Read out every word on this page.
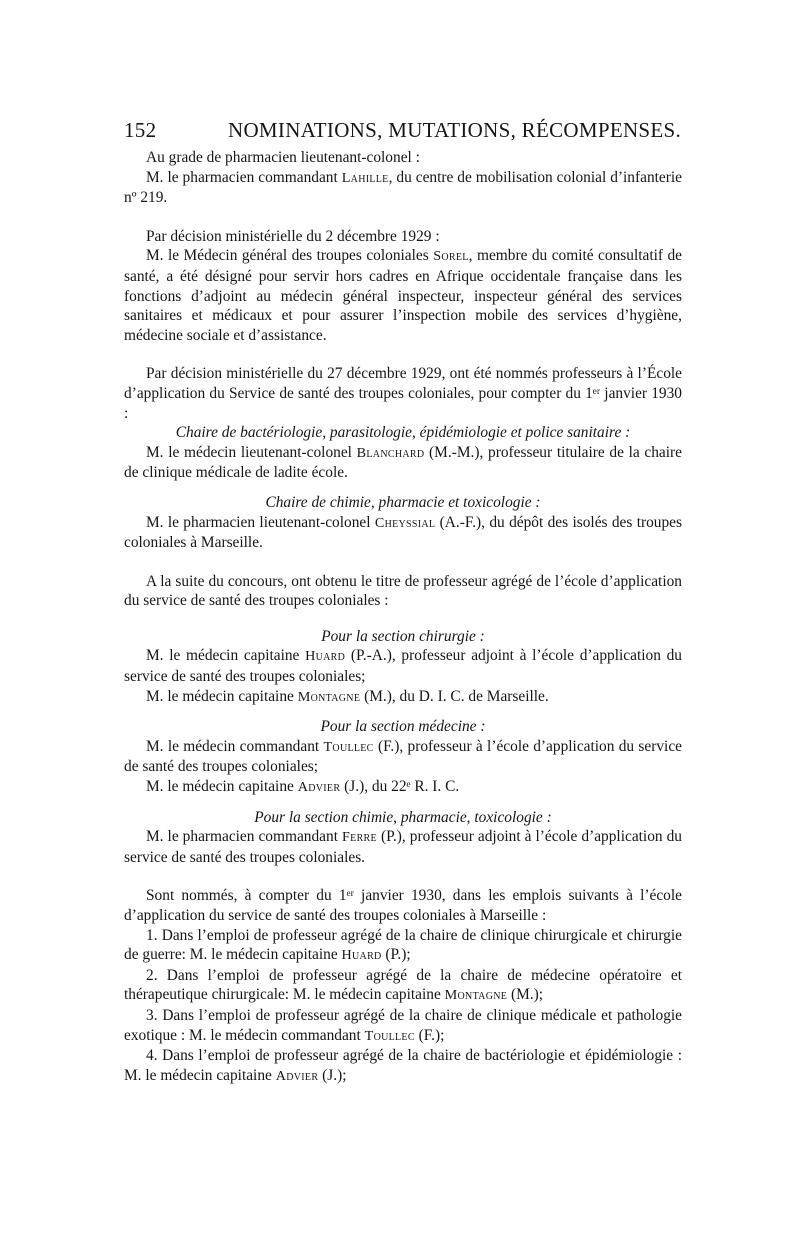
152	NOMINATIONS, MUTATIONS, RÉCOMPENSES.

Au grade de pharmacien lieutenant-colonel :

M. le pharmacien commandant Lahille, du centre de mobilisation colonial d’infanterie nº 219.

Par décision ministérielle du 2 décembre 1929 :

M. le Médecin général des troupes coloniales Sorel, membre du comité consultatif de santé, a été désigné pour servir hors cadres en Afrique occidentale française dans les fonctions d’adjoint au médecin général inspecteur, inspecteur général des services sanitaires et médicaux et pour assurer l’inspection mobile des services d’hygiène, médecine sociale et d’assistance.

Par décision ministérielle du 27 décembre 1929, ont été nommés professeurs à l’École d’application du Service de santé des troupes coloniales, pour compter du 1ᵉʳ janvier 1930 :

Chaire de bactériologie, parasitologie, épidémiologie et police sanitaire :

M. le médecin lieutenant-colonel Blanchard (M.-M.), professeur titulaire de la chaire de clinique médicale de ladite école.

Chaire de chimie, pharmacie et toxicologie :

M. le pharmacien lieutenant-colonel Cheyssial (A.-F.), du dépôt des isolés des troupes coloniales à Marseille.

A la suite du concours, ont obtenu le titre de professeur agrégé de l’école d’application du service de santé des troupes coloniales :

Pour la section chirurgie :

M. le médecin capitaine Huard (P.-A.), professeur adjoint à l’école d’application du service de santé des troupes coloniales;

M. le médecin capitaine Montagne (M.), du D. I. C. de Marseille.

Pour la section médecine :

M. le médecin commandant Toullec (F.), professeur à l’école d’application du service de santé des troupes coloniales;

M. le médecin capitaine Advier (J.), du 22ᵉ R. I. C.

Pour la section chimie, pharmacie, toxicologie :

M. le pharmacien commandant Ferre (P.), professeur adjoint à l’école d’application du service de santé des troupes coloniales.

Sont nommés, à compter du 1ᵉʳ janvier 1930, dans les emplois suivants à l’école d’application du service de santé des troupes coloniales à Marseille :

1. Dans l’emploi de professeur agrégé de la chaire de clinique chirurgicale et chirurgie de guerre: M. le médecin capitaine Huard (P.);

2. Dans l’emploi de professeur agrégé de la chaire de médecine opératoire et thérapeutique chirurgicale: M. le médecin capitaine Montagne (M.);

3. Dans l’emploi de professeur agrégé de la chaire de clinique médicale et pathologie exotique : M. le médecin commandant Toullec (F.);

4. Dans l’emploi de professeur agrégé de la chaire de bactériologie et épidémiologie : M. le médecin capitaine Advier (J.);
